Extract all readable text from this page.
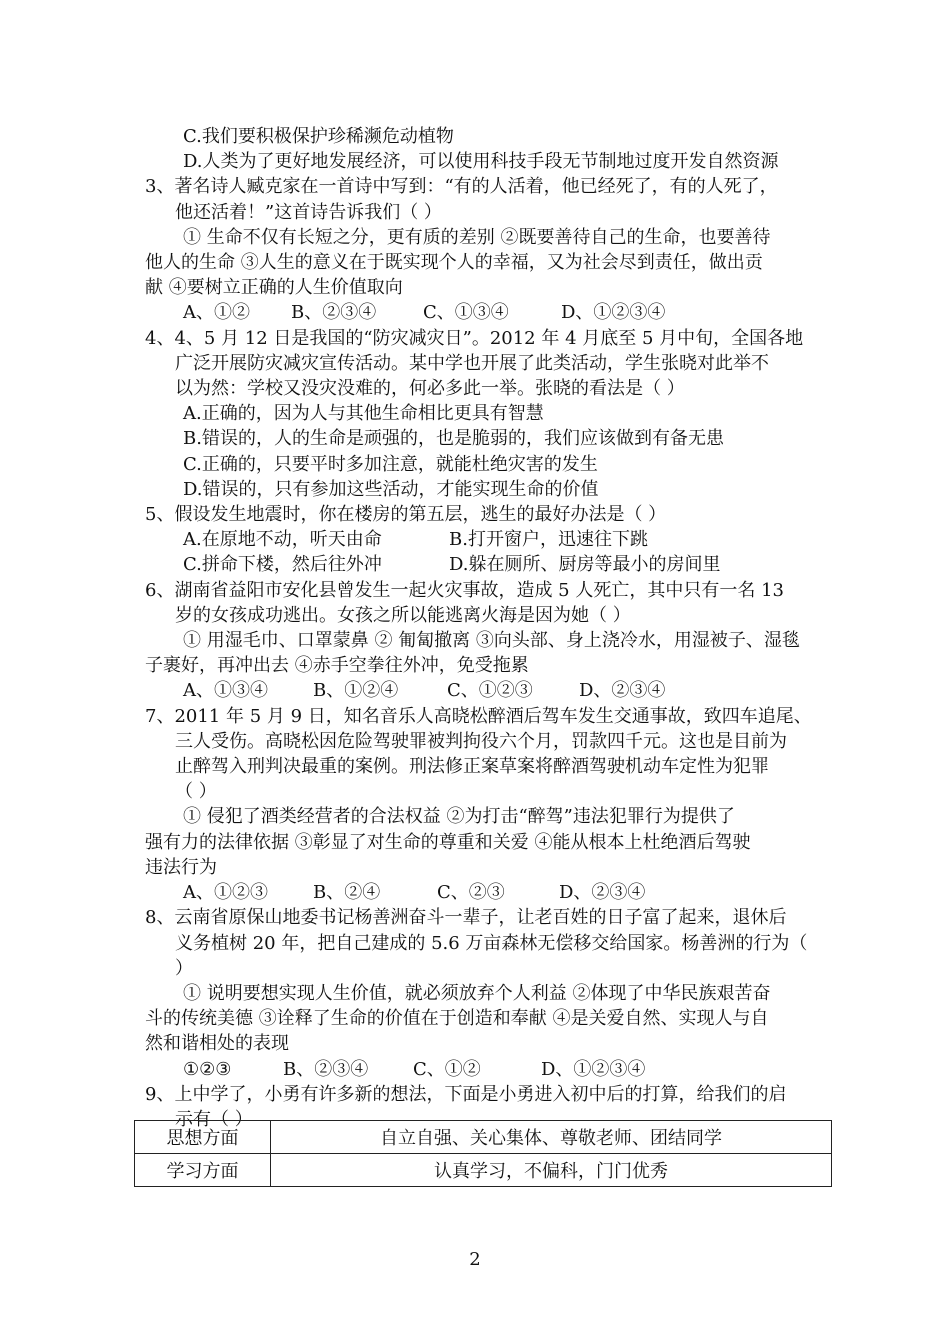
C.我们要积极保护珍稀濒危动植物
D.人类为了更好地发展经济，可以使用科技手段无节制地过度开发自然资源
3、著名诗人臧克家在一首诗中写到：“有的人活着，他已经死了，有的人死了，
他还活着！”这首诗告诉我们（ ）
① 生命不仅有长短之分，更有质的差别 ②既要善待自己的生命，也要善待
他人的生命 ③人生的意义在于既实现个人的幸福，又为社会尽到责任，做出贡
献 ④要树立正确的人生价值取向
A、①②	B、②③④	C、①③④	D、①②③④
4、4、5 月 12 日是我国的“防灾减灾日”。2012 年 4 月底至 5 月中旬，全国各地
广泛开展防灾减灾宣传活动。某中学也开展了此类活动，学生张晓对此举不
以为然：学校又没灾没难的，何必多此一举。张晓的看法是（ ）
A.正确的，因为人与其他生命相比更具有智慧
B.错误的，人的生命是顽强的，也是脆弱的，我们应该做到有备无患
C.正确的，只要平时多加注意，就能杜绝灾害的发生
D.错误的，只有参加这些活动，才能实现生命的价值
5、假设发生地震时，你在楼房的第五层，逃生的最好办法是（ ）
A.在原地不动，听天由命	B.打开窗户，迅速往下跳
C.拼命下楼，然后往外冲	D.躲在厕所、厨房等最小的房间里
6、湖南省益阳市安化县曾发生一起火灾事故，造成 5 人死亡，其中只有一名 13
岁的女孩成功逃出。女孩之所以能逃离火海是因为她（ ）
① 用湿毛巾、口罩蒙鼻 ② 匍匐撤离 ③向头部、身上浇冷水，用湿被子、湿毯
子裹好，再冲出去 ④赤手空拳往外冲，免受拖累
A、①③④	B、①②④	C、①②③	D、②③④
7、2011 年 5 月 9 日，知名音乐人高晓松醉酒后驾车发生交通事故，致四车追尾、
三人受伤。高晓松因危险驾驶罪被判拘役六个月，罚款四千元。这也是目前为
止醉驾入刑判决最重的案例。刑法修正案草案将醉酒驾驶机动车定性为犯罪
（ ）
① 侵犯了酒类经营者的合法权益 ②为打击“醉驾”违法犯罪行为提供了
强有力的法律依据 ③彰显了对生命的尊重和关爱 ④能从根本上杜绝酒后驾驶
违法行为
A、①②③	B、②④	C、②③	D、②③④
8、云南省原保山地委书记杨善洲奋斗一辈子，让老百姓的日子富了起来，退休后
义务植树 20 年，把自己建成的 5.6 万亩森林无偿移交给国家。杨善洲的行为（
）
① 说明要想实现人生价值，就必须放弃个人利益 ②体现了中华民族艰苦奋
斗的传统美德 ③诠释了生命的价值在于创造和奉献 ④是关爱自然、实现人与自
然和谐相处的表现
①②③	B、②③④	C、①②	D、①②③④
9、上中学了，小勇有许多新的想法，下面是小勇进入初中后的打算，给我们的启
示有（ ）
思想方面	自立自强、关心集体、尊敬老师、团结同学
学习方面	认真学习，不偏科，门门优秀
2
